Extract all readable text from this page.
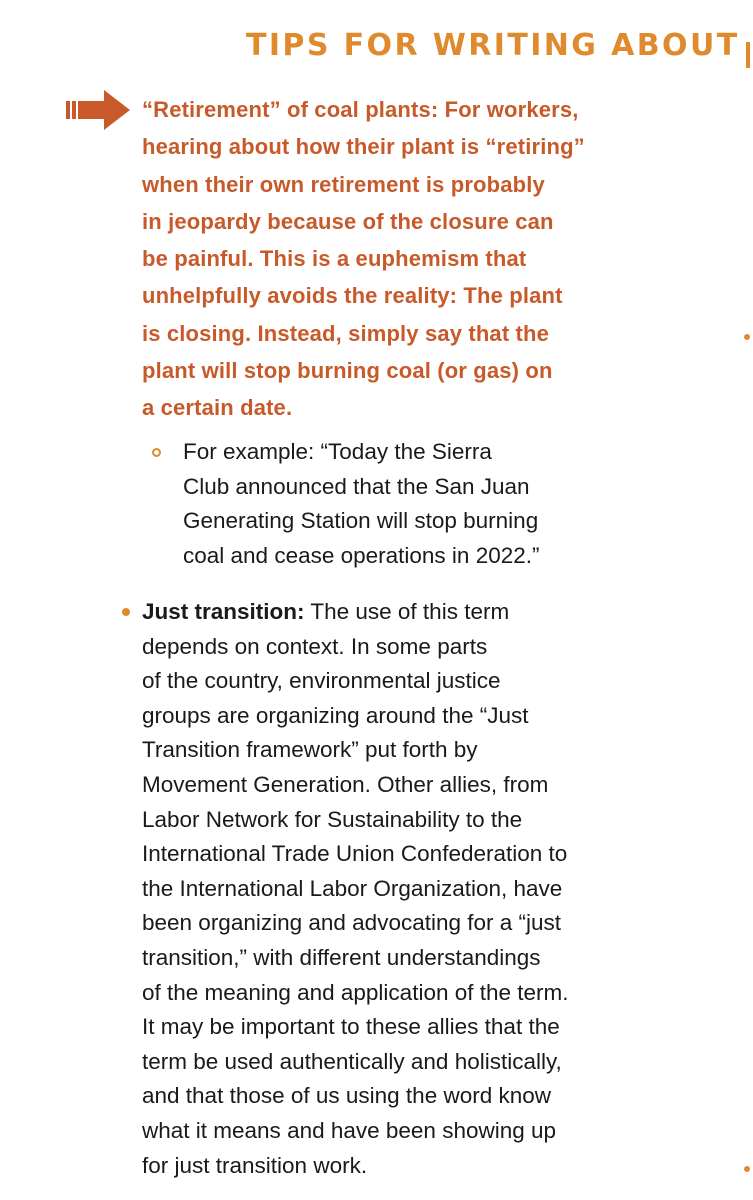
TIPS FOR WRITING ABOUT
“Retirement” of coal plants: For workers,
hearing about how their plant is “retiring”
when their own retirement is probably
in jeopardy because of the closure can
be painful. This is a euphemism that
unhelpfully avoids the reality: The plant
is closing. Instead, simply say that the
plant will stop burning coal (or gas) on
a certain date.
For example: “Today the Sierra
Club announced that the San Juan
Generating Station will stop burning
coal and cease operations in 2022.”
Just transition: The use of this term
depends on context. In some parts
of the country, environmental justice
groups are organizing around the “Just
Transition framework” put forth by
Movement Generation. Other allies, from
Labor Network for Sustainability to the
International Trade Union Confederation to
the International Labor Organization, have
been organizing and advocating for a “just
transition,” with different understandings
of the meaning and application of the term.
It may be important to these allies that the
term be used authentically and holistically,
and that those of us using the word know
what it means and have been showing up
for just transition work.
